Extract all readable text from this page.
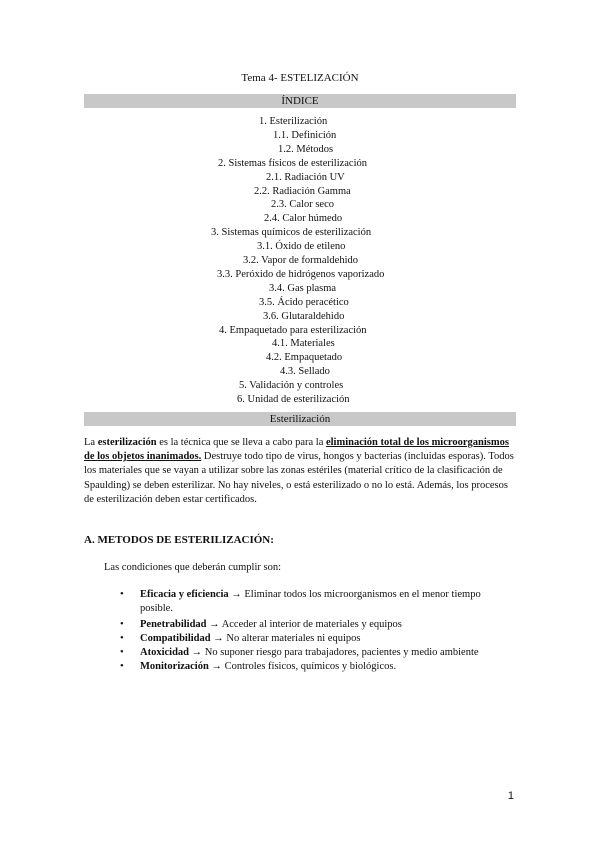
Tema 4- ESTELIZACIÓN
ÍNDICE
1. Esterilización
1.1. Definición
1.2. Métodos
2. Sistemas físicos de esterilización
2.1. Radiación UV
2.2. Radiación Gamma
2.3. Calor seco
2.4. Calor húmedo
3. Sistemas químicos de esterilización
3.1. Óxido de etileno
3.2. Vapor de formaldehido
3.3. Peróxido de hidrógenos vaporizado
3.4. Gas plasma
3.5. Ácido peracético
3.6. Glutaraldehido
4. Empaquetado para esterilización
4.1. Materiales
4.2. Empaquetado
4.3. Sellado
5. Validación y controles
6. Unidad de esterilización
Esterilización

La esterilización es la técnica que se lleva a cabo para la eliminación total de los microorganismos de los objetos inanimados. Destruye todo tipo de virus, hongos y bacterias (incluidas esporas). Todos los materiales que se vayan a utilizar sobre las zonas estériles (material crítico de la clasificación de Spaulding) se deben esterilizar. No hay niveles, o está esterilizado o no lo está. Además, los procesos de esterilización deben estar certificados.

A. METODOS DE ESTERILIZACIÓN:
Las condiciones que deberán cumplir son:
• Eficacia y eficiencia → Eliminar todos los microorganismos en el menor tiempo posible.
• Penetrabilidad → Acceder al interior de materiales y equipos
• Compatibilidad → No alterar materiales ni equipos
• Atoxicidad → No suponer riesgo para trabajadores, pacientes y medio ambiente
• Monitorización → Controles físicos, químicos y biológicos.
1
